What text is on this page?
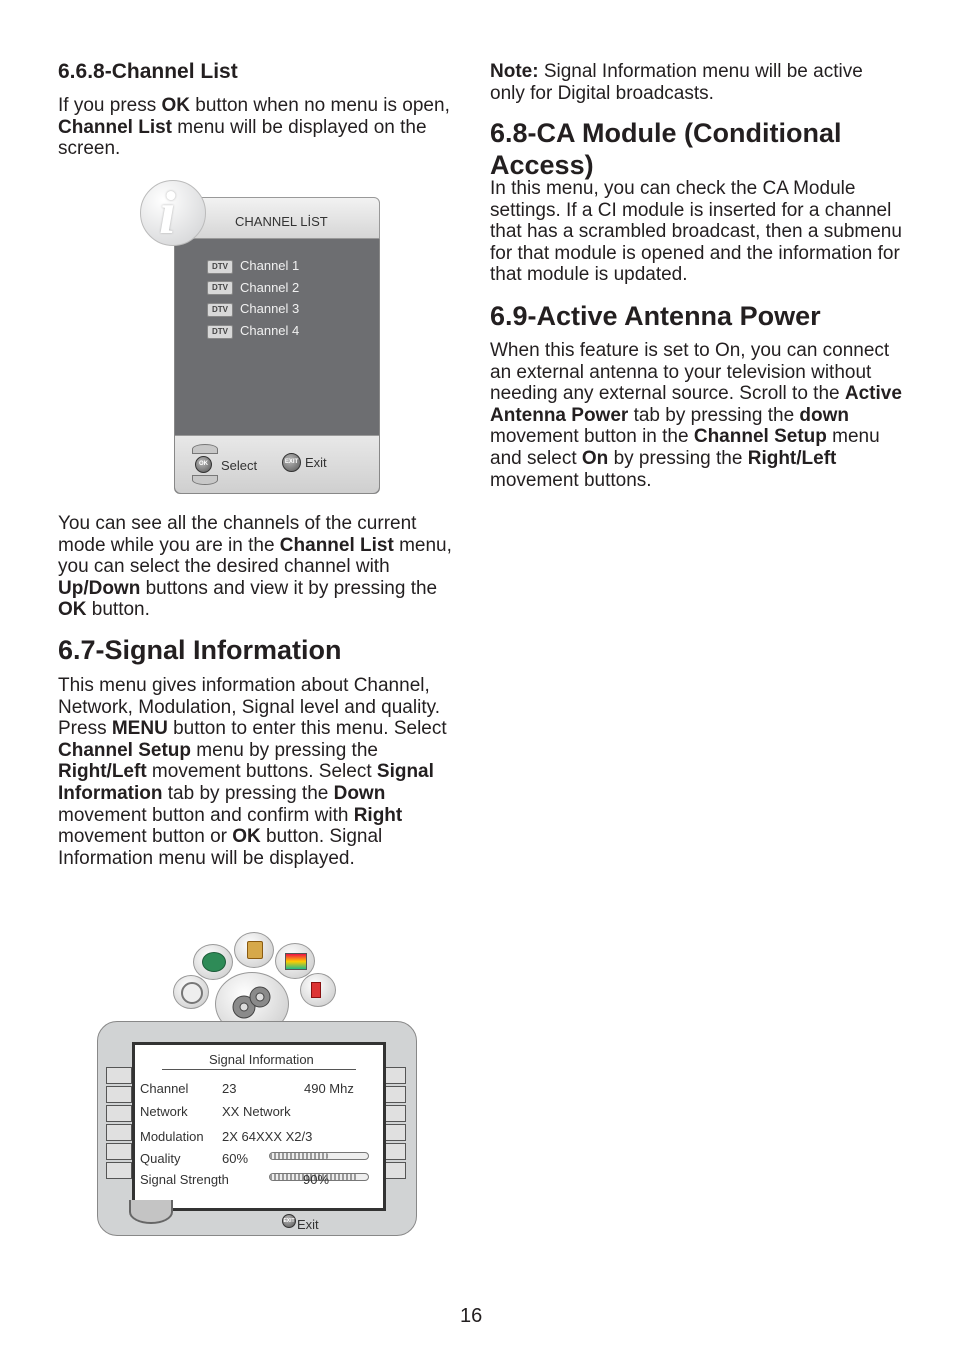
6.6.8-Channel List

If you press OK button when no menu is open, Channel List menu will be displayed on the screen.

CHANNEL LİST
i
DTV Channel 1
DTV Channel 2
DTV Channel 3
DTV Channel 4
OK	Select	EXIT Exit

You can see all the channels of the current mode while you are in the Channel List menu, you can select the desired channel with Up/Down buttons and view it by pressing the OK button.

6.7-Signal Information

This menu gives information about Channel, Network, Modulation, Signal level and quality. Press MENU button to enter this menu. Select Channel Setup menu by pressing the Right/Left movement buttons. Select Signal Information tab by pressing the Down movement button and confirm with Right movement button or OK button. Signal Information menu will be displayed.

Signal Information
Channel	23	490 Mhz
Network	XX Network
Modulation 2X 64XXX X2/3
Quality	60%
Signal Strength	90%
EXIT Exit

Note: Signal Information menu will be active only for Digital broadcasts.

6.8-CA Module (Conditional Access)

In this menu, you can check the CA Module settings. If a CI module is inserted for a channel that has a scrambled broadcast, then a submenu for that module is opened and the information for that module is updated.

6.9-Active Antenna Power

When this feature is set to On, you can connect an external antenna to your television without needing any external source. Scroll to the Active Antenna Power tab by pressing the down movement button in the Channel Setup menu and select On by pressing the Right/Left movement buttons.

16
